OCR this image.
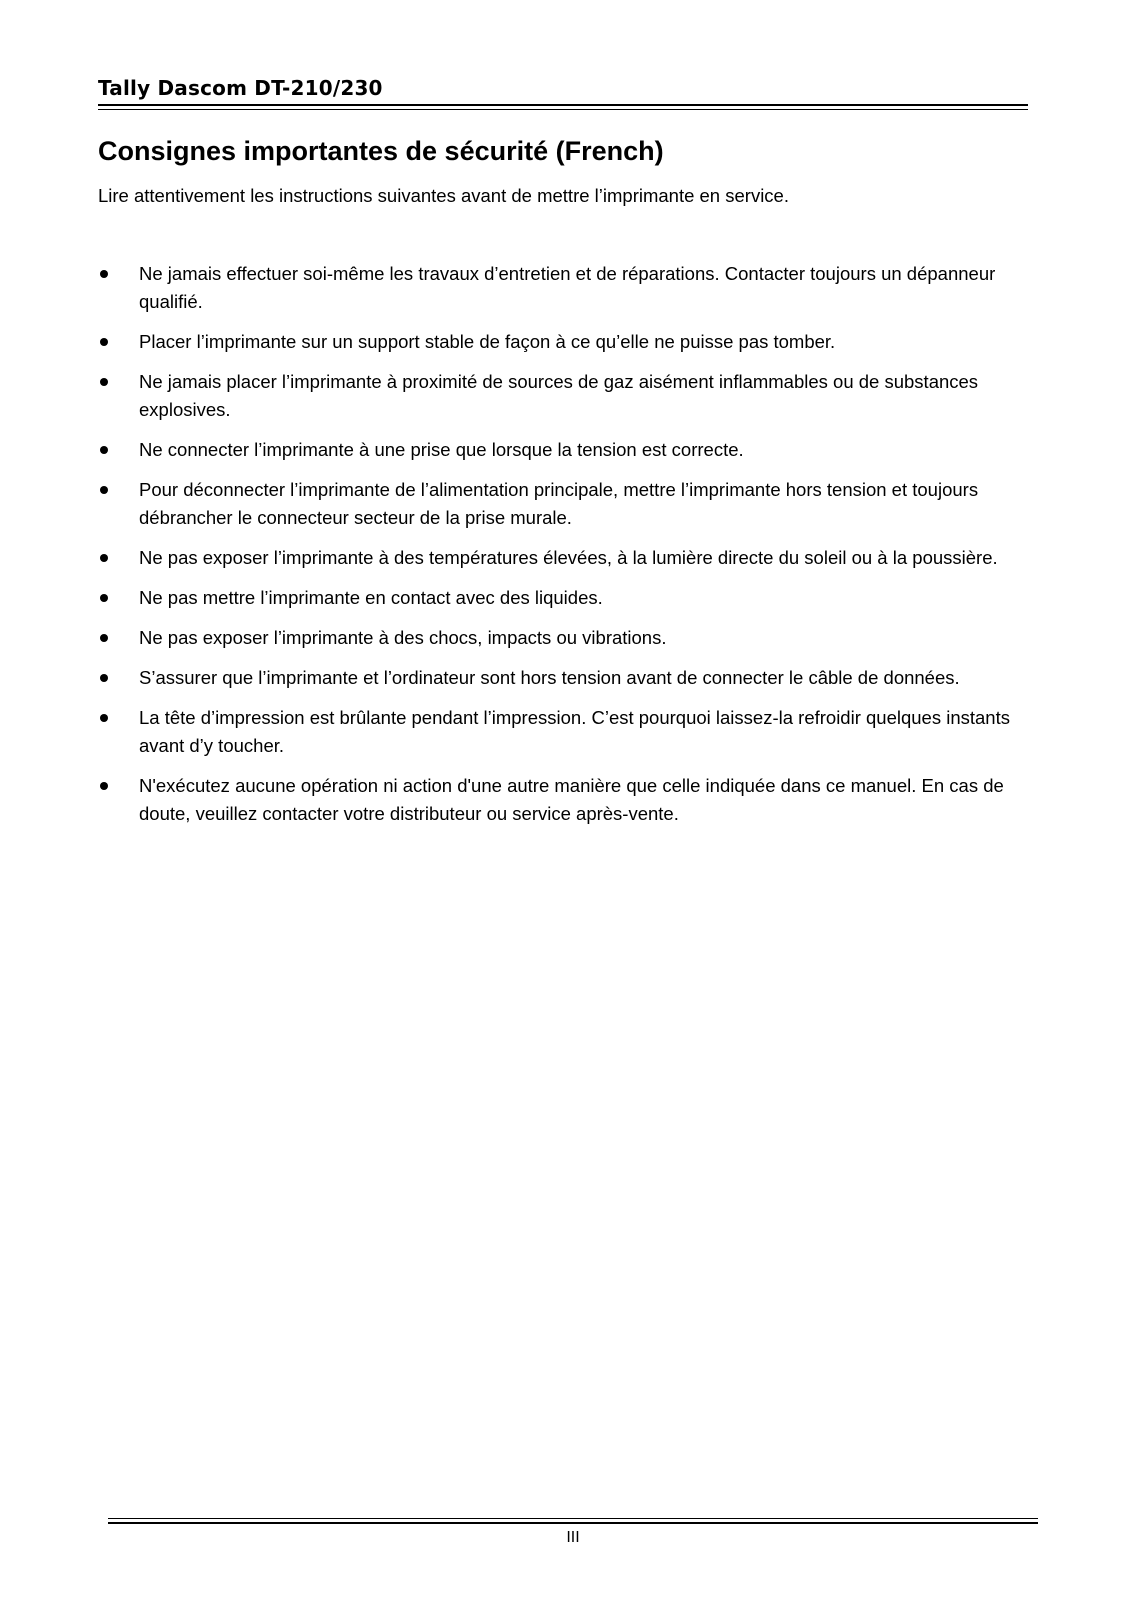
Tally Dascom DT-210/230
Consignes importantes de sécurité (French)

Lire attentivement les instructions suivantes avant de mettre l’imprimante en service.

Ne jamais effectuer soi-même les travaux d’entretien et de réparations. Contacter toujours un dépanneur qualifié.
Placer l’imprimante sur un support stable de façon à ce qu’elle ne puisse pas tomber.
Ne jamais placer l’imprimante à proximité de sources de gaz aisément inflammables ou de substances explosives.
Ne connecter l’imprimante à une prise que lorsque la tension est correcte.
Pour déconnecter l’imprimante de l’alimentation principale, mettre l’imprimante hors tension et toujours débrancher le connecteur secteur de la prise murale.
Ne pas exposer l’imprimante à des températures élevées, à la lumière directe du soleil ou à la poussière.
Ne pas mettre l’imprimante en contact avec des liquides.
Ne pas exposer l’imprimante à des chocs, impacts ou vibrations.
S’assurer que l’imprimante et l’ordinateur sont hors tension avant de connecter le câble de données.
La tête d’impression est brûlante pendant l’impression. C’est pourquoi laissez-la refroidir quelques instants avant d’y toucher.
N'exécutez aucune opération ni action d'une autre manière que celle indiquée dans ce manuel. En cas de doute, veuillez contacter votre distributeur ou service après-vente.
III
